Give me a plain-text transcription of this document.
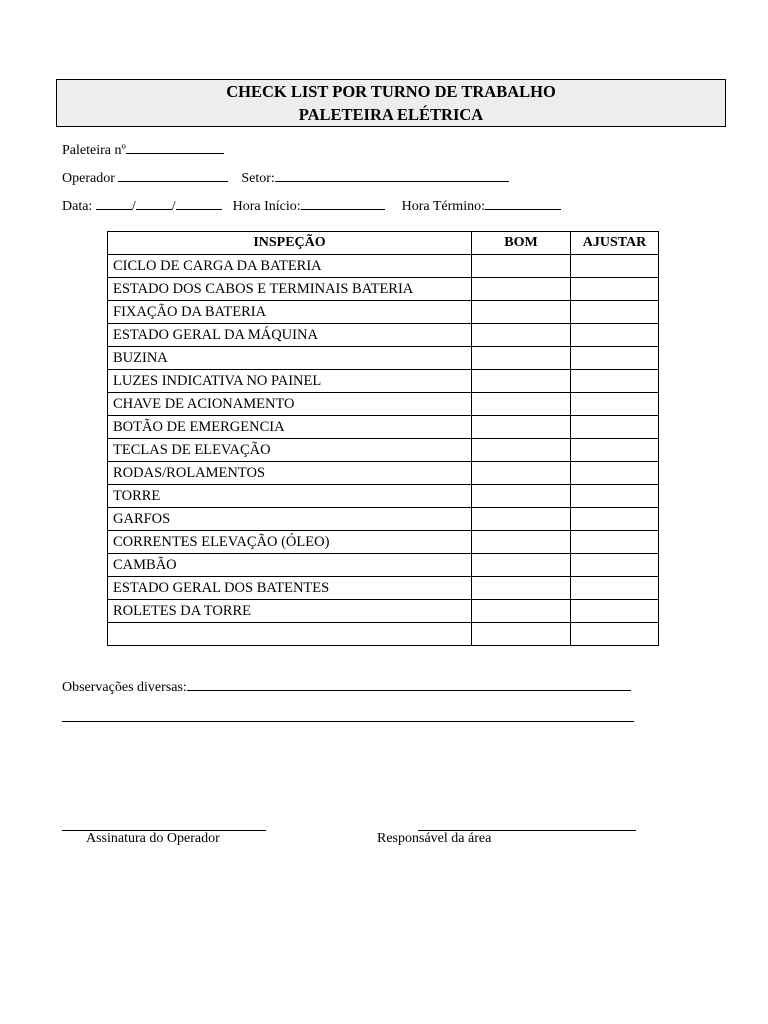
CHECK LIST POR TURNO DE TRABALHO
PALETEIRA ELÉTRICA
Paleteira nº
Operador	Setor:
Data:	/	/	Hora Início:	Hora Término:
INSPEÇÃO	BOM	AJUSTAR
CICLO DE CARGA DA BATERIA		
ESTADO DOS CABOS E TERMINAIS BATERIA		
FIXAÇÃO DA BATERIA		
ESTADO GERAL DA MÁQUINA		
BUZINA		
LUZES INDICATIVA NO PAINEL		
CHAVE DE ACIONAMENTO		
BOTÃO DE EMERGENCIA		
TECLAS DE ELEVAÇÃO		
RODAS/ROLAMENTOS		
TORRE		
GARFOS		
CORRENTES ELEVAÇÃO (ÓLEO)		
CAMBÃO		
ESTADO GERAL DOS BATENTES		
ROLETES DA TORRE		

Observações diversas:
Assinatura do Operador	Responsável da área
